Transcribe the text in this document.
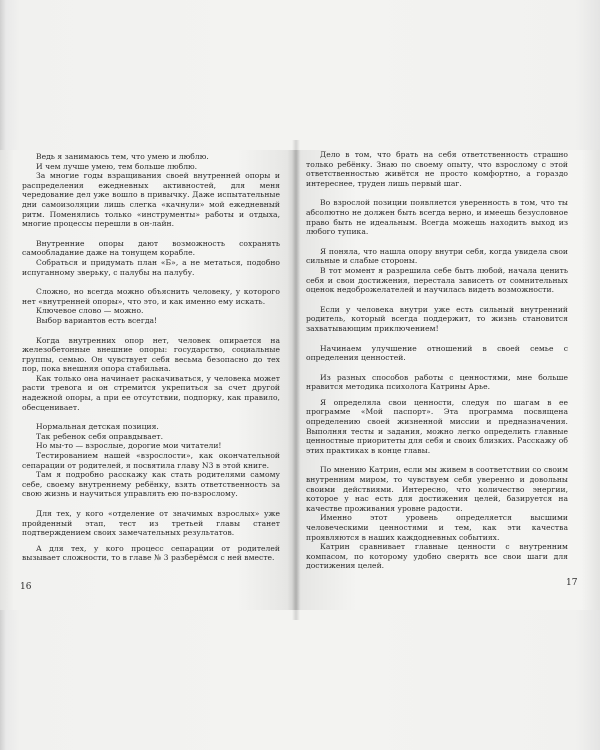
Ведь я занимаюсь тем, что умею и люблю.

И чем лучше умею, тем больше люблю.

За многие годы взращивания своей внутренней опоры и распределения ежедневных активностей, для меня чередование дел уже вошло в привычку. Даже испытательные дни самоизоляции лишь слегка «качнули» мой ежедневный ритм. Поменялись только «инструменты» работы и отдыха, многие процессы перешли в он-лайн.

Внутренние опоры дают возможность сохранять самообладание даже на тонущем корабле.

Собраться и придумать план «Б», а не метаться, подобно испуганному зверьку, с палубы на палубу.

Сложно, но всегда можно объяснить человеку, у которого нет «внутренней опоры», что это, и как именно ему искать.

Ключевое слово — можно.

Выбор вариантов есть всегда!

Когда внутренних опор нет, человек опирается на железобетонные внешние опоры: государство, социальные группы, семью. Он чувствует себя весьма безопасно до тех пор, пока внешняя опора стабильна.

Как только она начинает раскачиваться, у человека может расти тревога и он стремится укрепиться за счет другой надежной опоры, а при ее отсутствии, подпорку, как правило, обесценивает.

Нормальная детская позиция.

Так ребенок себя оправдывает.

Но мы-то — взрослые, дорогие мои читатели!

Тестированием нашей «взрослости», как окончательной сепарации от родителей, я посвятила главу N3 в этой книге.

Там я подробно расскажу как стать родителями самому себе, своему внутреннему ребёнку, взять ответственность за свою жизнь и научиться управлять ею по-взрослому.

Для тех, у кого «отделение от значимых взрослых» уже пройденный этап, тест из третьей главы станет подтверждением своих замечательных результатов.

А для тех, у кого процесс сепарации от родителей вызывает сложности, то в главе № 3 разберёмся с ней вместе.

Дело в том, что брать на себя ответственность страшно только ребёнку. Знаю по своему опыту, что взрослому с этой ответственностью живётся не просто комфортно, а гораздо интереснее, труден лишь первый шаг.

Во взрослой позиции появляется уверенность в том, что ты абсолютно не должен быть всегда верно, и имеешь безусловное право быть не идеальным. Всегда можешь находить выход из любого тупика.

Я поняла, что нашла опору внутри себя, когда увидела свои сильные и слабые стороны.

В тот момент я разрешила себе быть любой, начала ценить себя и свои достижения, перестала зависеть от сомнительных оценок недоброжелателей и научилась видеть возможности.

Если у человека внутри уже есть сильный внутренний родитель, который всегда поддержит, то жизнь становится захватывающим приключением!

Начинаем улучшение отношений в своей семье с определения ценностей.

Из разных способов работы с ценностями, мне больше нравится методика психолога Катрины Арье.

Я определяла свои ценности, следуя по шагам в ее программе «Мой паспорт». Эта программа посвящена определению своей жизненной миссии и предназначения. Выполняя тесты и задания, можно легко определить главные ценностные приоритеты для себя и своих близких. Расскажу об этих практиках в конце главы.

По мнению Катрин, если мы живем в соответствии со своим внутренним миром, то чувствуем себя уверенно и довольны своими действиями. Интересно, что количество энергии, которое у нас есть для достижения целей, базируется на качестве проживания уровне радости.

Именно этот уровень определяется высшими человеческими ценностями и тем, как эти качества проявляются в наших каждодневных событиях.

Катрин сравнивает главные ценности с внутренним компасом, по которому удобно сверять все свои шаги для достижения целей.

16	17
